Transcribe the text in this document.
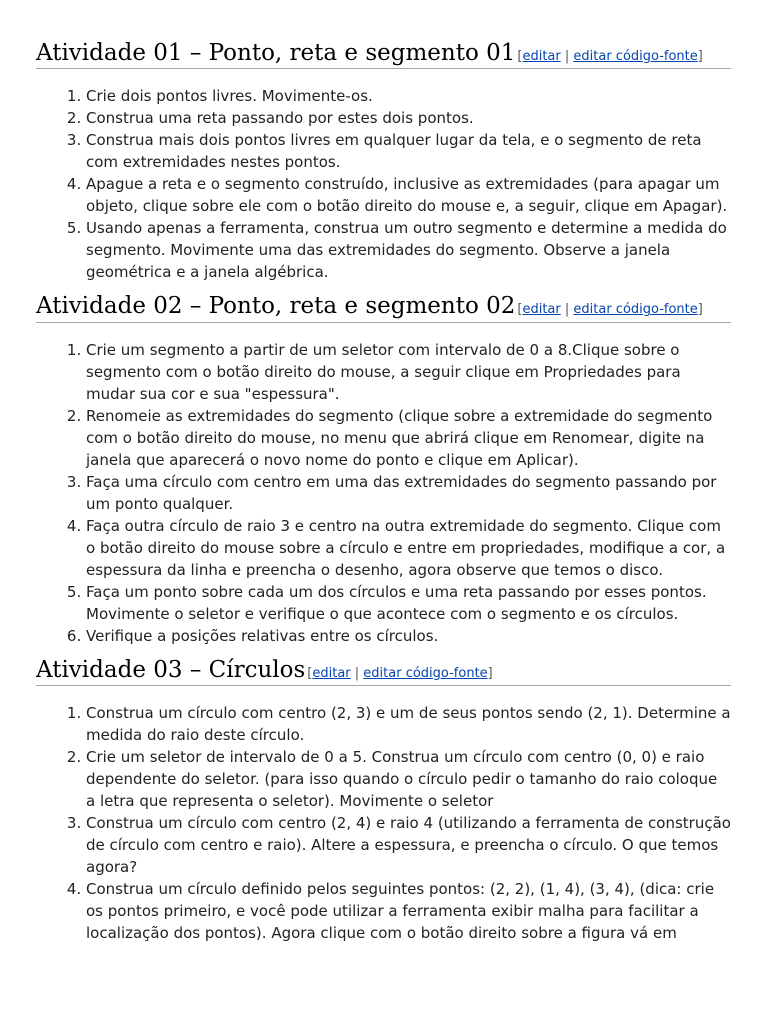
Atividade 01 – Ponto, reta e segmento 01 [editar | editar código-fonte]
1. Crie dois pontos livres. Movimente-os.
2. Construa uma reta passando por estes dois pontos.
3. Construa mais dois pontos livres em qualquer lugar da tela, e o segmento de reta com extremidades nestes pontos.
4. Apague a reta e o segmento construído, inclusive as extremidades (para apagar um objeto, clique sobre ele com o botão direito do mouse e, a seguir, clique em Apagar).
5. Usando apenas a ferramenta, construa um outro segmento e determine a medida do segmento. Movimente uma das extremidades do segmento. Observe a janela geométrica e a janela algébrica.
Atividade 02 – Ponto, reta e segmento 02 [editar | editar código-fonte]
1. Crie um segmento a partir de um seletor com intervalo de 0 a 8.Clique sobre o segmento com o botão direito do mouse, a seguir clique em Propriedades para mudar sua cor e sua "espessura".
2. Renomeie as extremidades do segmento (clique sobre a extremidade do segmento com o botão direito do mouse, no menu que abrirá clique em Renomear, digite na janela que aparecerá o novo nome do ponto e clique em Aplicar).
3. Faça uma círculo com centro em uma das extremidades do segmento passando por um ponto qualquer.
4. Faça outra círculo de raio 3 e centro na outra extremidade do segmento. Clique com o botão direito do mouse sobre a círculo e entre em propriedades, modifique a cor, a espessura da linha e preencha o desenho, agora observe que temos o disco.
5. Faça um ponto sobre cada um dos círculos e uma reta passando por esses pontos. Movimente o seletor e verifique o que acontece com o segmento e os círculos.
6. Verifique a posições relativas entre os círculos.
Atividade 03 – Círculos [editar | editar código-fonte]
1. Construa um círculo com centro (2, 3) e um de seus pontos sendo (2, 1). Determine a medida do raio deste círculo.
2. Crie um seletor de intervalo de 0 a 5. Construa um círculo com centro (0, 0) e raio dependente do seletor. (para isso quando o círculo pedir o tamanho do raio coloque a letra que representa o seletor). Movimente o seletor
3. Construa um círculo com centro (2, 4) e raio 4 (utilizando a ferramenta de construção de círculo com centro e raio). Altere a espessura, e preencha o círculo. O que temos agora?
4. Construa um círculo definido pelos seguintes pontos: (2, 2), (1, 4), (3, 4), (dica: crie os pontos primeiro, e você pode utilizar a ferramenta exibir malha para facilitar a localização dos pontos). Agora clique com o botão direito sobre a figura vá em
